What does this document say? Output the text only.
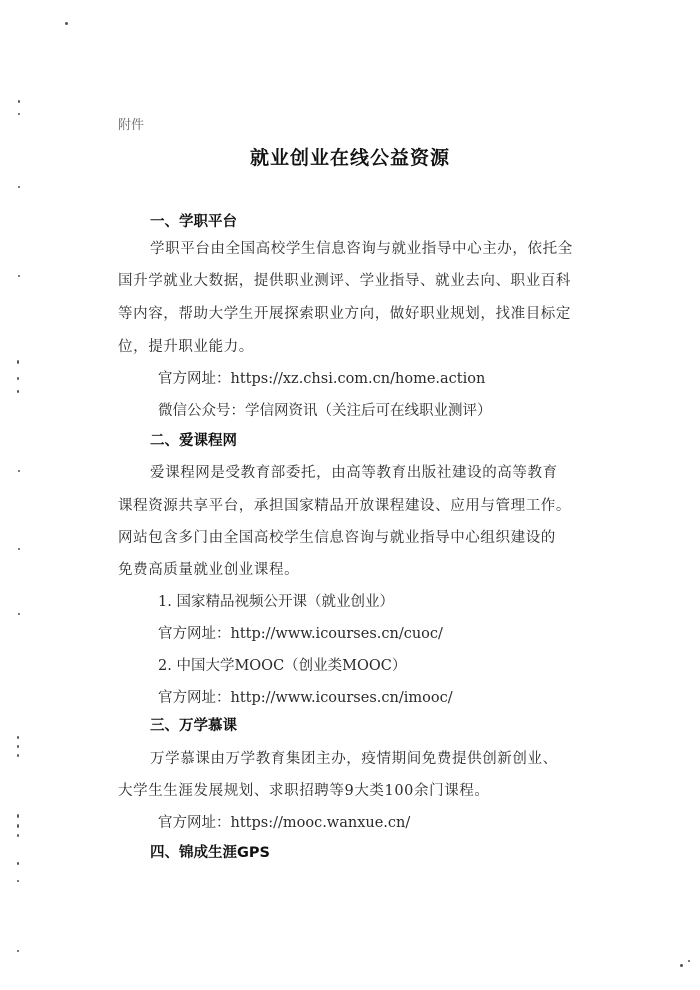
附件
就业创业在线公益资源
一、学职平台
学职平台由全国高校学生信息咨询与就业指导中心主办，依托全
国升学就业大数据，提供职业测评、学业指导、就业去向、职业百科
等内容，帮助大学生开展探索职业方向，做好职业规划，找准目标定
位，提升职业能力。
官方网址：https://xz.chsi.com.cn/home.action
微信公众号：学信网资讯（关注后可在线职业测评）
二、爱课程网
爱课程网是受教育部委托，由高等教育出版社建设的高等教育
课程资源共享平台，承担国家精品开放课程建设、应用与管理工作。
网站包含多门由全国高校学生信息咨询与就业指导中心组织建设的
免费高质量就业创业课程。
1. 国家精品视频公开课（就业创业）
官方网址：http://www.icourses.cn/cuoc/
2. 中国大学MOOC（创业类MOOC）
官方网址：http://www.icourses.cn/imooc/
三、万学慕课
万学慕课由万学教育集团主办，疫情期间免费提供创新创业、
大学生生涯发展规划、求职招聘等9大类100余门课程。
官方网址：https://mooc.wanxue.cn/
四、锦成生涯GPS
